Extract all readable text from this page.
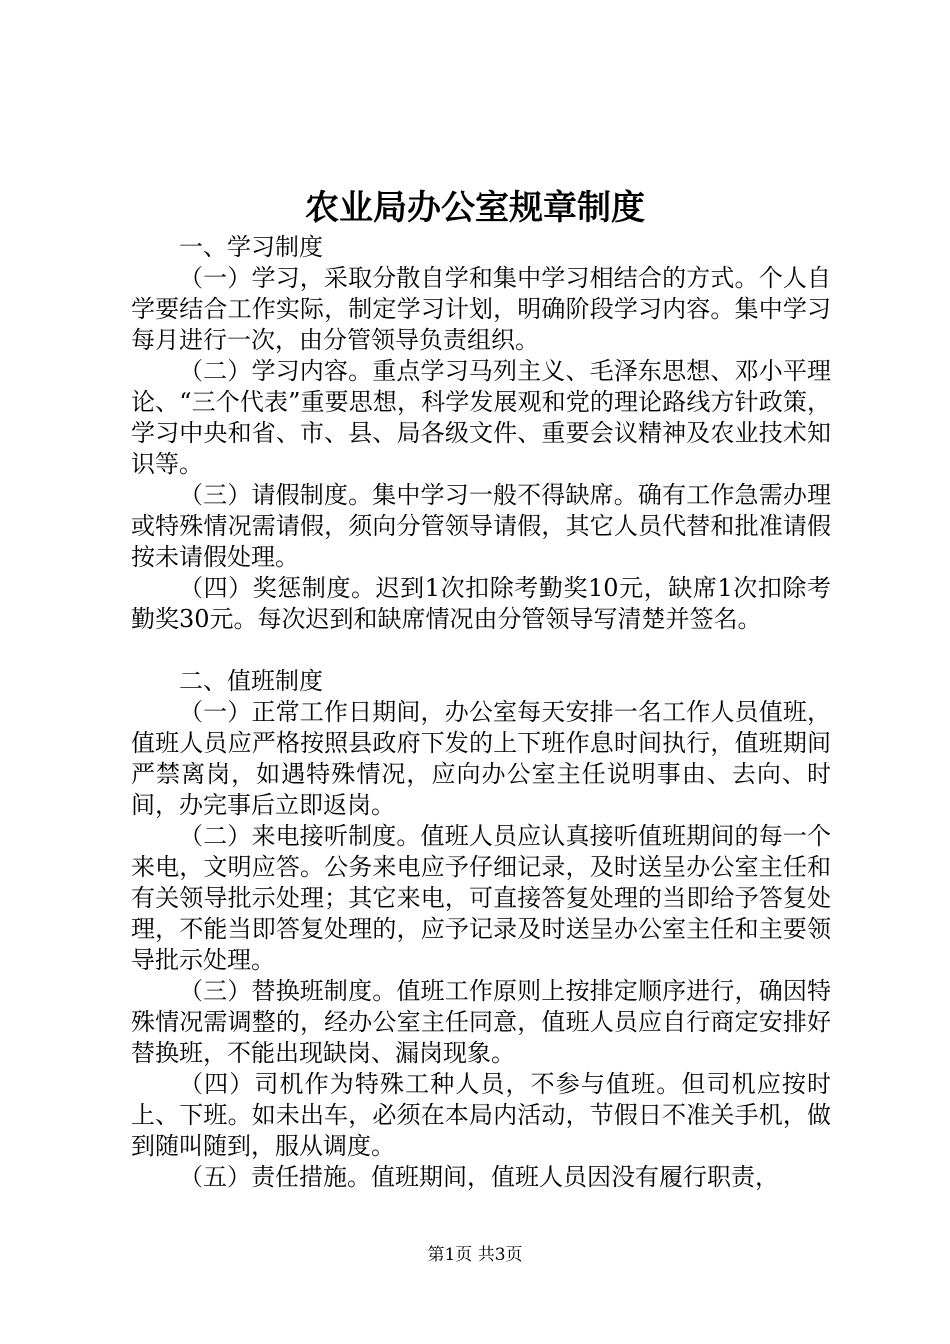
农业局办公室规章制度

一、学习制度

（一）学习，采取分散自学和集中学习相结合的方式。个人自学要结合工作实际，制定学习计划，明确阶段学习内容。集中学习每月进行一次，由分管领导负责组织。

（二）学习内容。重点学习马列主义、毛泽东思想、邓小平理论、“三个代表”重要思想，科学发展观和党的理论路线方针政策，学习中央和省、市、县、局各级文件、重要会议精神及农业技术知识等。

（三）请假制度。集中学习一般不得缺席。确有工作急需办理或特殊情况需请假，须向分管领导请假，其它人员代替和批准请假按未请假处理。

（四）奖惩制度。迟到1次扣除考勤奖10元，缺席1次扣除考勤奖30元。每次迟到和缺席情况由分管领导写清楚并签名。

二、值班制度

（一）正常工作日期间，办公室每天安排一名工作人员值班，值班人员应严格按照县政府下发的上下班作息时间执行，值班期间严禁离岗，如遇特殊情况，应向办公室主任说明事由、去向、时间，办完事后立即返岗。

（二）来电接听制度。值班人员应认真接听值班期间的每一个来电，文明应答。公务来电应予仔细记录，及时送呈办公室主任和有关领导批示处理；其它来电，可直接答复处理的当即给予答复处理，不能当即答复处理的，应予记录及时送呈办公室主任和主要领导批示处理。

（三）替换班制度。值班工作原则上按排定顺序进行，确因特殊情况需调整的，经办公室主任同意，值班人员应自行商定安排好替换班，不能出现缺岗、漏岗现象。

（四）司机作为特殊工种人员，不参与值班。但司机应按时上、下班。如未出车，必须在本局内活动，节假日不准关手机，做到随叫随到，服从调度。

（五）责任措施。值班期间，值班人员因没有履行职责，

第1页 共3页
